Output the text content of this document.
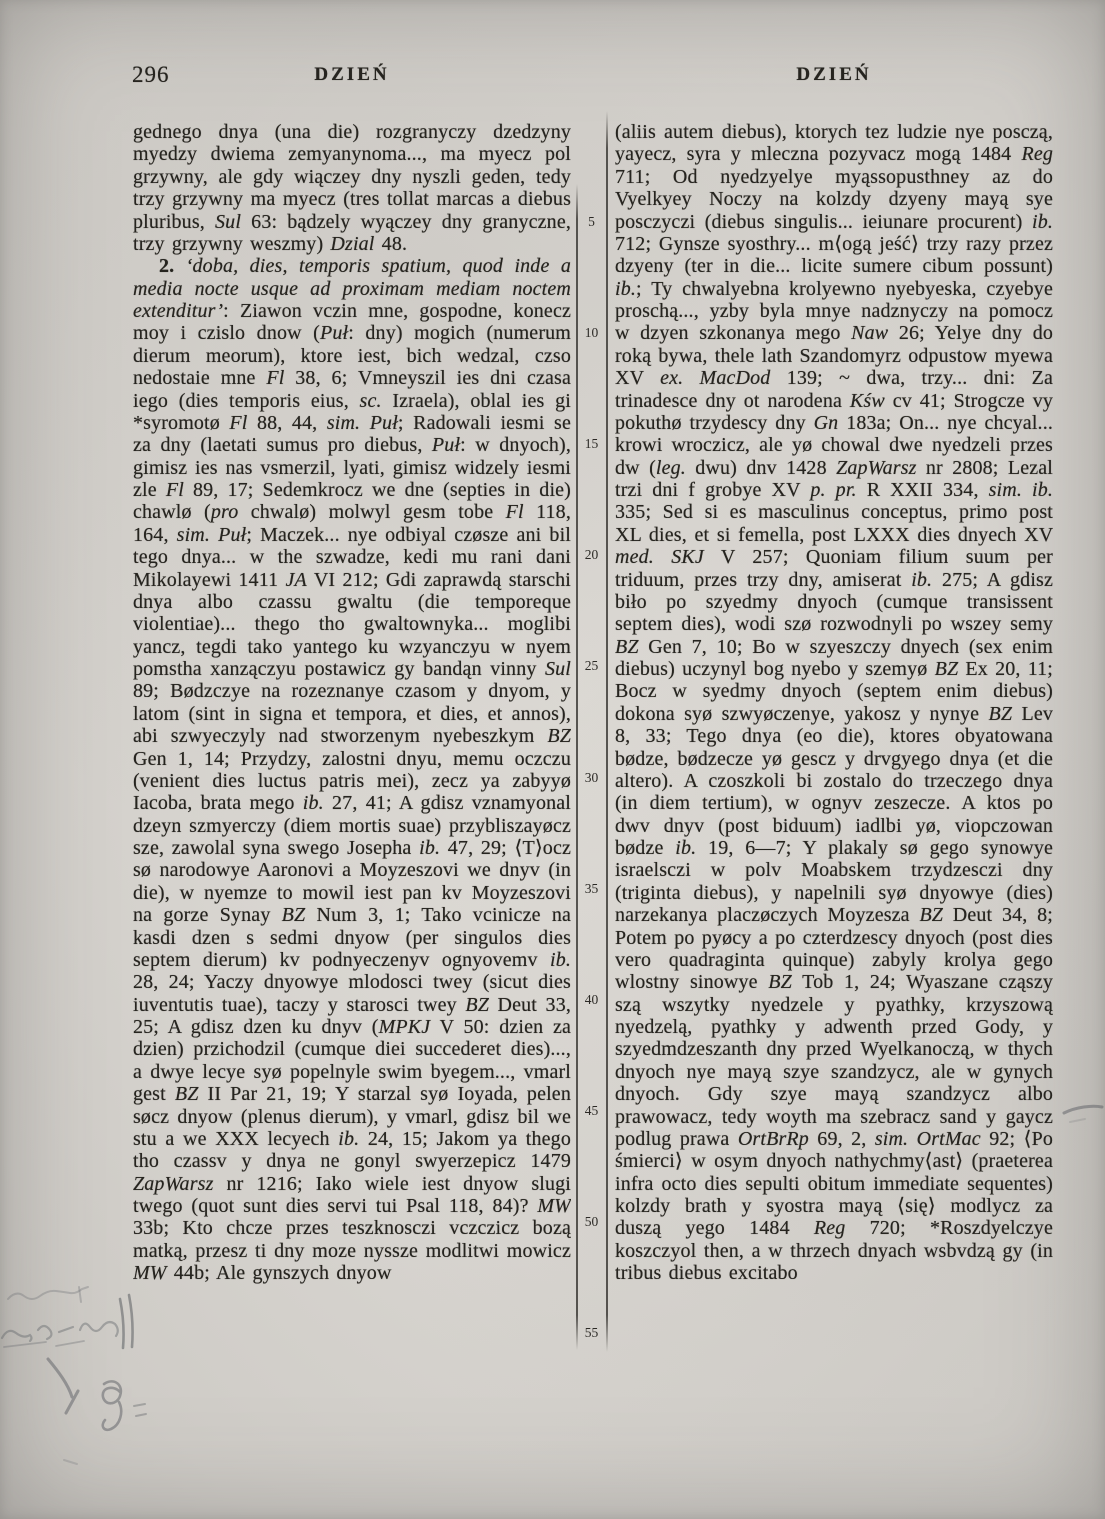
296	DZIEŃ	DZIEŃ

gednego dnya (una die) rozgranyczy dzedzyny myedzy dwiema zemyanynoma..., ma myecz pol grzywny, ale gdy wiączey dny nyszli geden, tedy trzy grzywny ma myecz (tres tollat marcas a diebus pluribus, Sul 63: bądzely wyączey dny granyczne, trzy grzywny weszmy) Dzial 48.

2. ‘doba, dies, temporis spatium, quod inde a media nocte usque ad proximam mediam noctem extenditur’: Ziawon vczin mne, gospodne, konecz moy i czislo dnow (Puł: dny) mogich (numerum dierum meorum), ktore iest, bich wedzal, czso nedostaie mne Fl 38, 6; Vmneyszil ies dni czasa iego (dies temporis eius, sc. Izraela), oblal ies gi *syromotø Fl 88, 44, sim. Puł; Radowali iesmi se za dny (laetati sumus pro diebus, Puł: w dnyoch), gimisz ies nas vsmerzil, lyati, gimisz widzely iesmi zle Fl 89, 17; Sedemkrocz we dne (septies in die) chawlø (pro chwalø) molwyl gesm tobe Fl 118, 164, sim. Puł; Maczek... nye odbiyal czøsze ani bil tego dnya... w the szwadze, kedi mu rani dani Mikolayewi 1411 JA VI 212; Gdi zaprawdą starschi dnya albo czassu gwaltu (die temporeque violentiae)... thego tho gwaltownyka... moglibi yancz, tegdi tako yantego ku wzyanczyu w nyem pomstha xanzączyu postawicz gy bandąn vinny Sul 89; Bødzczye na rozeznanye czasom y dnyom, y latom (sint in signa et tempora, et dies, et annos), abi szwyeczyly nad stworzenym nyebeszkym BZ Gen 1, 14; Przydzy, zalostni dnyu, memu oczczu (venient dies luctus patris mei), zecz ya zabyyø Iacoba, brata mego ib. 27, 41; A gdisz vznamyonal dzeyn szmyerczy (diem mortis suae) przybliszayøcz sze, zawolal syna swego Josepha ib. 47, 29; ⟨T⟩ocz sø narodowye Aaronovi a Moyzeszovi we dnyv (in die), w nyemze to mowil iest pan kv Moyzeszovi na gorze Synay BZ Num 3, 1; Tako vcinicze na kasdi dzen s sedmi dnyow (per singulos dies septem dierum) kv podnyeczenyv ognyovemv ib. 28, 24; Yaczy dnyowye mlodosci twey (sicut dies iuventutis tuae), taczy y starosci twey BZ Deut 33, 25; A gdisz dzen ku dnyv (MPKJ V 50: dzien za dzien) przichodzil (cumque diei succederet dies)..., a dwye lecye syø popelnyle swim byegem..., vmarl gest BZ II Par 21, 19; Y starzal syø Ioyada, pelen søcz dnyow (plenus dierum), y vmarl, gdisz bil we stu a we XXX lecyech ib. 24, 15; Jakom ya thego tho czassv y dnya ne gonyl swyerzepicz 1479 ZapWarsz nr 1216; Iako wiele iest dnyow slugi twego (quot sunt dies servi tui Psal 118, 84)? MW 33b; Kto chcze przes teszknosczi vczczicz bozą matką, przesz ti dny moze nyssze modlitwi mowicz MW 44b; Ale gynszych dnyow

(aliis autem diebus), ktorych tez ludzie nye posczą, yayecz, syra y mleczna pozyvacz mogą 1484 Reg 711; Od nyedzyelye myąssopusthney az do Vyelkyey Noczy na kolzdy dzyeny mayą sye posczyczi (diebus singulis... ieiunare procurent) ib. 712; Gynsze syosthry... m⟨ogą jeść⟩ trzy razy przez dzyeny (ter in die... licite sumere cibum possunt) ib.; Ty chwalyebna krolyewno nyebyeska, czyebye proschą..., yzby byla mnye nadznyczy na pomocz w dzyen szkonanya mego Naw 26; Yelye dny do roką bywa, thele lath Szandomyrz odpustow myewa XV ex. MacDod 139; ~ dwa, trzy... dni: Za trinadesce dny ot narodena Kśw cv 41; Strogcze vy pokuthø trzydescy dny Gn 183a; On... nye chcyal... krowi wroczicz, ale yø chowal dwe nyedzeli przes dw (leg. dwu) dnv 1428 ZapWarsz nr 2808; Lezal trzi dni f grobye XV p. pr. R XXII 334, sim. ib. 335; Sed si es masculinus conceptus, primo post XL dies, et si femella, post LXXX dies dnyech XV med. SKJ V 257; Quoniam filium suum per triduum, przes trzy dny, amiserat ib. 275; A gdisz biło po szyedmy dnyoch (cumque transissent septem dies), wodi szø rozwodnyli po wszey semy BZ Gen 7, 10; Bo w szyeszczy dnyech (sex enim diebus) uczynyl bog nyebo y szemyø BZ Ex 20, 11; Bocz w syedmy dnyoch (septem enim diebus) dokona syø szwyøczenye, yakosz y nynye BZ Lev 8, 33; Tego dnya (eo die), ktores obyatowana bødze, bødzecze yø gescz y drvgyego dnya (et die altero). A czoszkoli bi zostalo do trzeczego dnya (in diem tertium), w ognyv zeszecze. A ktos po dwv dnyv (post biduum) iadlbi yø, viopczowan bødze ib. 19, 6—7; Y plakaly sø gego synowye israelsczi w polv Moabskem trzydzesczi dny (triginta diebus), y napelnili syø dnyowye (dies) narzekanya placzøczych Moyzesza BZ Deut 34, 8; Potem po pyøcy a po czterdzescy dnyoch (post dies vero quadraginta quinque) zabyly krolya gego wlostny sinowye BZ Tob 1, 24; Wyaszane cząszy szą wszytky nyedzele y pyathky, krzyszową nyedzelą, pyathky y adwenth przed Gody, y szyedmdzeszanth dny przed Wyelkanoczą, w thych dnyoch nye mayą szye szandzycz, ale w gynych dnyoch. Gdy szye mayą szandzycz albo prawowacz, tedy woyth ma szebracz sand y gaycz podlug prawa OrtBrRp 69, 2, sim. OrtMac 92; ⟨Po śmierci⟩ w osym dnyoch nathychmy⟨ast⟩ (praeterea infra octo dies sepulti obitum immediate sequentes) kolzdy brath y syostra mayą ⟨się⟩ modlycz za duszą yego 1484 Reg 720; *Roszdyelczye koszczyol then, a w thrzech dnyach wsbvdzą gy (in tribus diebus excitabo

5
10
15
20
25
30
35
40
45
50
55
